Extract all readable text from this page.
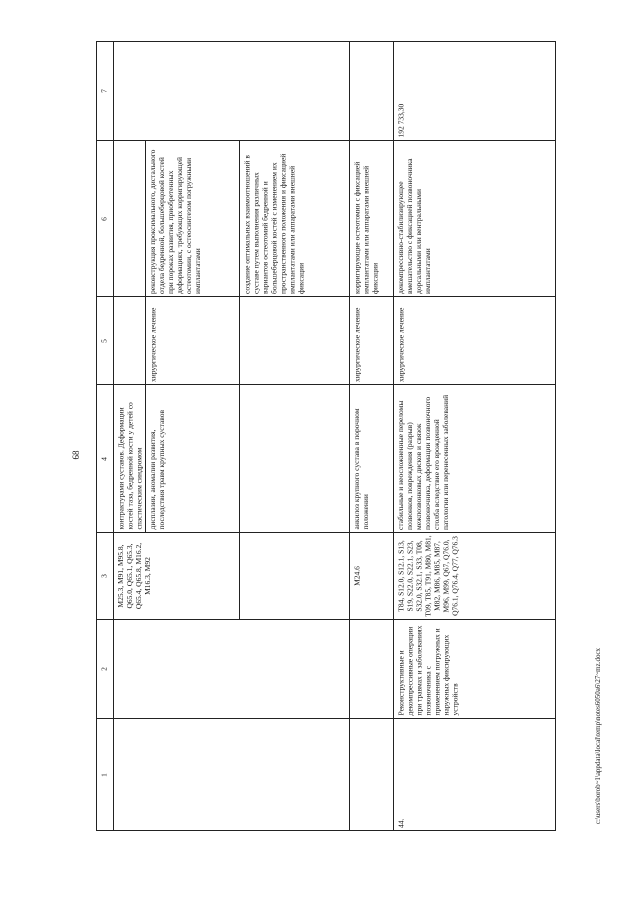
68
c:\users\borob~1\appdata\local\temp\notes6050a6\27~mz.docx
1
2
3
4
5
6
7
M25.3, M91, M95.8, Q65.0, Q65.1, Q65.3, Q65.4, Q65.8, M16.2, M16.3, M92
контрактурами суставов. Деформации костей таза, бедренной кости у детей со спастическим синдромом дисплазии, аномалии развития, последствия травм крупных суставов
хирургическое лечение
реконструкция проксимального, дистального отдела бедренной, большеберцовой костей при пороках развития, приобретенных деформациях, требующих корригирующей остеотомии, с остеосинтезом погружными имплантатами	создание оптимальных взаимоотношений в суставе путем выполнения различных вариантов остеотомий бедренной и большеберцовой костей с изменением их пространственного положения и фиксацией имплантатами или аппаратами внешней фиксации
M24.6
анкилоз крупного сустава в порочном положении
хирургическое лечение
корригирующие остеотомии с фиксацией имплантатами или аппаратами внешней фиксации
44.
Реконструктивные и декомпрессивные операции при травмах и заболеваниях позвоночника с применением погружных и наружных фиксирующих устройств
T84, S12.0, S12.1, S13, S19, S22.0, S22.1, S23, S32.0, S32.1, S33, T08, T09, T85, T91, M80, M81, M82, M86, M85, M87, M96, M99, Q67, Q76.0, Q76.1, Q76.4, Q77, Q76.3
стабильные и неосложненные переломы позвонков, повреждения (разрыв) межпозвонковых дисков и связок позвоночника, деформации позвоночного столба вследствие его врожденной патологии или перенесенных заболеваний
хирургическое лечение
декомпрессивно-стабилизирующее вмешательство с фиксацией позвоночника дорсальными или вентральными имплантатами
192 733,30
